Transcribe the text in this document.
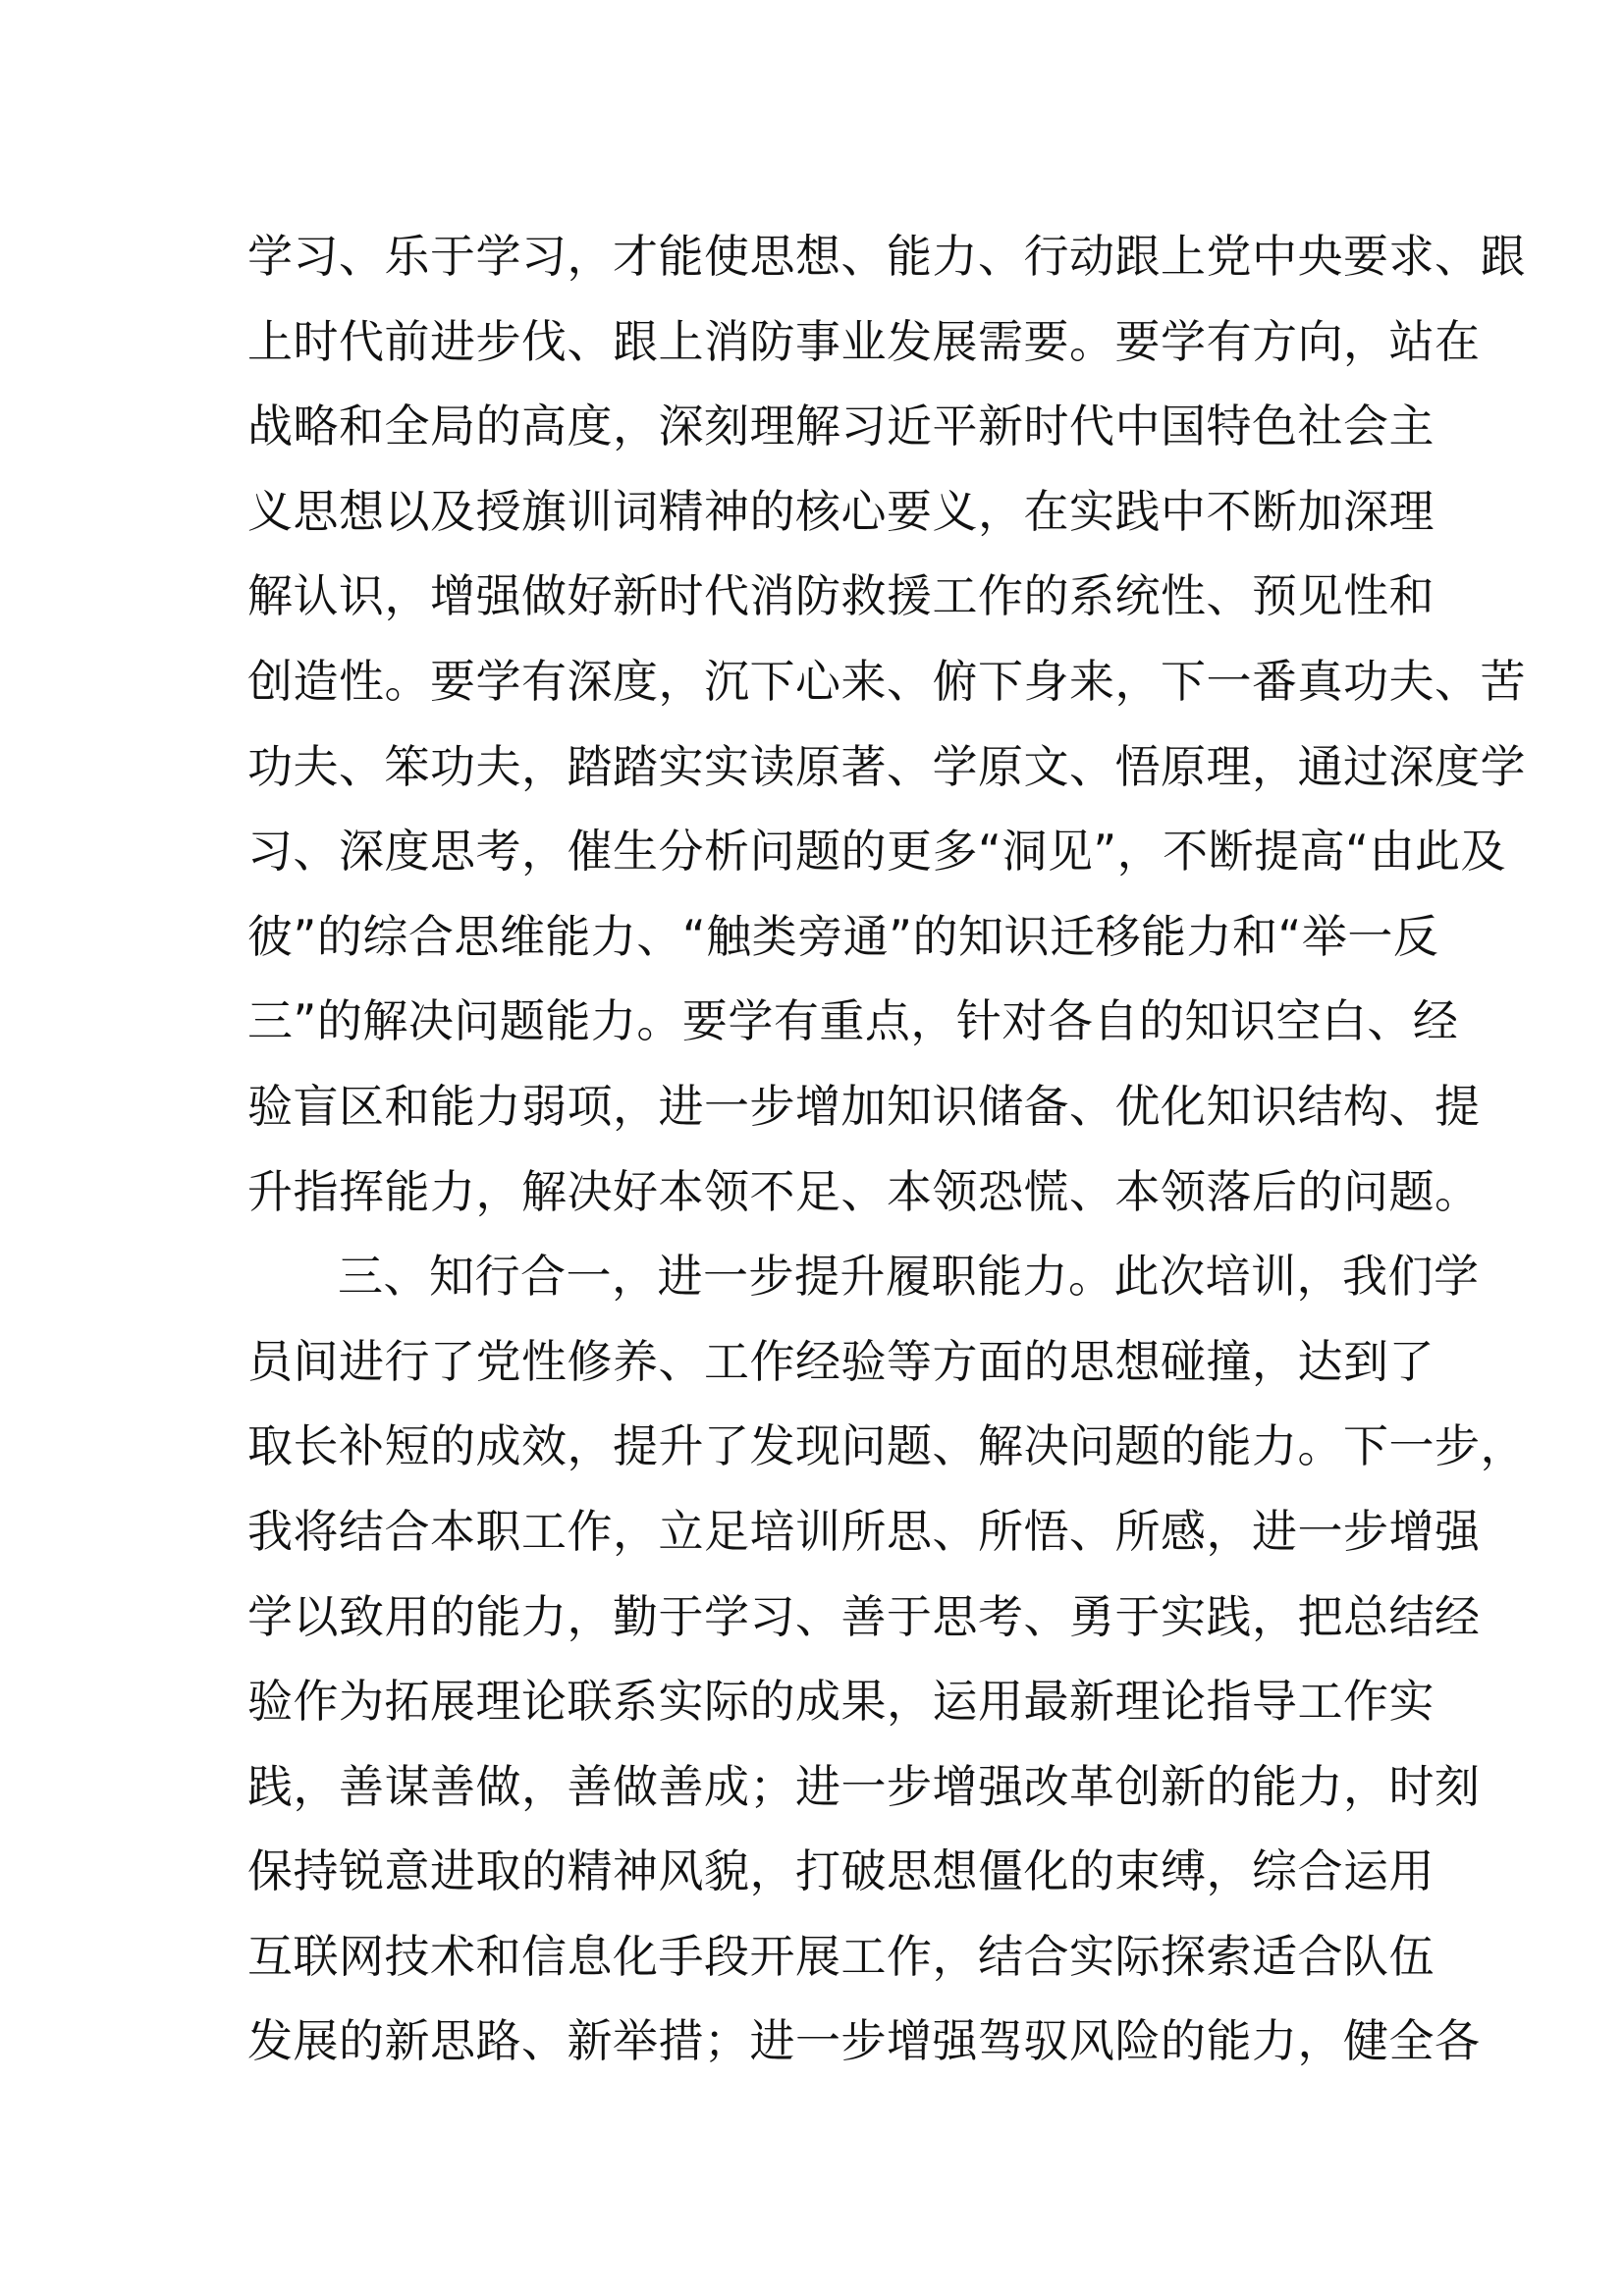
学习、乐于学习，才能使思想、能力、行动跟上党中央要求、跟
上时代前进步伐、跟上消防事业发展需要。要学有方向，站在
战略和全局的高度，深刻理解习近平新时代中国特色社会主
义思想以及授旗训词精神的核心要义，在实践中不断加深理
解认识，增强做好新时代消防救援工作的系统性、预见性和
创造性。要学有深度，沉下心来、俯下身来，下一番真功夫、苦
功夫、笨功夫，踏踏实实读原著、学原文、悟原理，通过深度学
习、深度思考，催生分析问题的更多“洞见”，不断提高“由此及
彼”的综合思维能力、“触类旁通”的知识迁移能力和“举一反
三”的解决问题能力。要学有重点，针对各自的知识空白、经
验盲区和能力弱项，进一步增加知识储备、优化知识结构、提
升指挥能力，解决好本领不足、本领恐慌、本领落后的问题。
三、知行合一，进一步提升履职能力。此次培训，我们学
员间进行了党性修养、工作经验等方面的思想碰撞，达到了
取长补短的成效，提升了发现问题、解决问题的能力。下一步，
我将结合本职工作，立足培训所思、所悟、所感，进一步增强
学以致用的能力，勤于学习、善于思考、勇于实践，把总结经
验作为拓展理论联系实际的成果，运用最新理论指导工作实
践，善谋善做，善做善成；进一步增强改革创新的能力，时刻
保持锐意进取的精神风貌，打破思想僵化的束缚，综合运用
互联网技术和信息化手段开展工作，结合实际探索适合队伍
发展的新思路、新举措；进一步增强驾驭风险的能力，健全各
